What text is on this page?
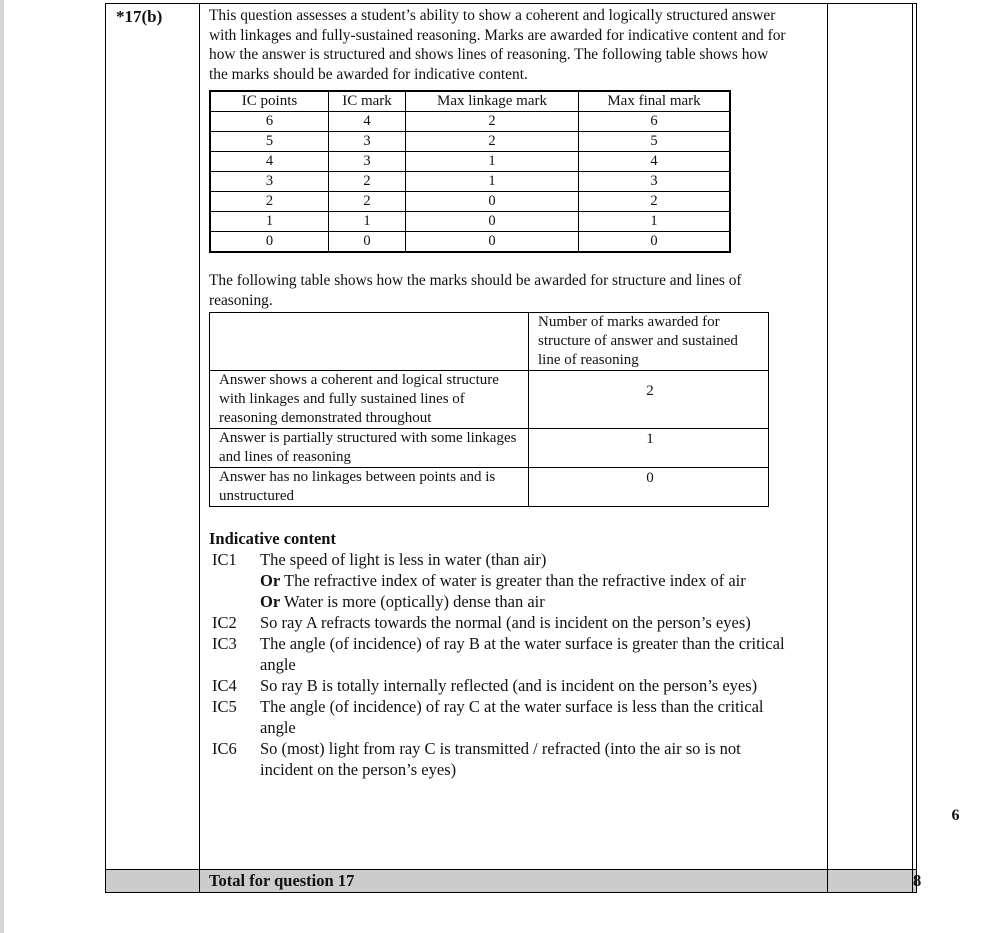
*17(b)	This question assesses a student’s ability to show a coherent and logically structured answer with linkages and fully-sustained reasoning. Marks are awarded for indicative content and for how the answer is structured and shows lines of reasoning. The following table shows how the marks should be awarded for indicative content.

IC points	IC mark	Max linkage mark	Max final mark
6	4	2	6
5	3	2	5
4	3	1	4
3	2	1	3
2	2	0	2
1	1	0	1
0	0	0	0

The following table shows how the marks should be awarded for structure and lines of reasoning.

	Number of marks awarded for structure of answer and sustained line of reasoning
Answer shows a coherent and logical structure with linkages and fully sustained lines of reasoning demonstrated throughout	2
Answer is partially structured with some linkages and lines of reasoning	1
Answer has no linkages between points and is unstructured	0
Indicative content
IC1	The speed of light is less in water (than air)
Or The refractive index of water is greater than the refractive index of air
Or Water is more (optically) dense than air
IC2	So ray A refracts towards the normal (and is incident on the person’s eyes)
IC3	The angle (of incidence) of ray B at the water surface is greater than the critical angle
IC4	So ray B is totally internally reflected (and is incident on the person’s eyes)
IC5	The angle (of incidence) of ray C at the water surface is less than the critical angle
IC6	So (most) light from ray C is transmitted / refracted (into the air so is not incident on the person’s eyes)

6

	Total for question 17		8
